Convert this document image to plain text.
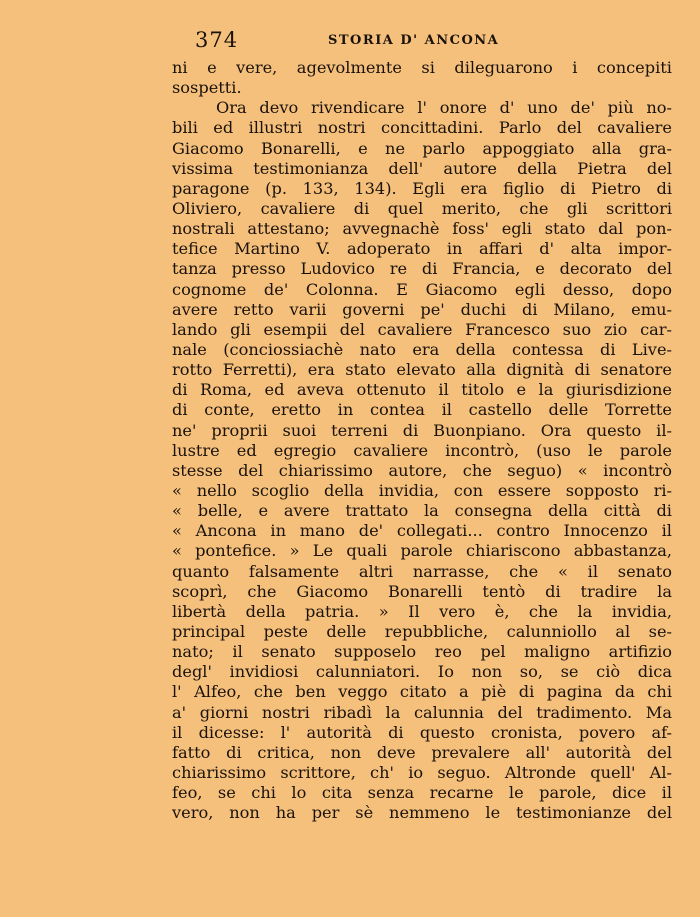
374	STORIA D' ANCONA
ni e vere, agevolmente si dileguarono i concepiti
sospetti.
Ora devo rivendicare l' onore d' uno de' più no-
bili ed illustri nostri concittadini. Parlo del cavaliere
Giacomo Bonarelli, e ne parlo appoggiato alla gra-
vissima testimonianza dell' autore della Pietra del
paragone (p. 133, 134). Egli era figlio di Pietro di
Oliviero, cavaliere di quel merito, che gli scrittori
nostrali attestano; avvegnachè foss' egli stato dal pon-
tefice Martino V. adoperato in affari d' alta impor-
tanza presso Ludovico re di Francia, e decorato del
cognome de' Colonna. E Giacomo egli desso, dopo
avere retto varii governi pe' duchi di Milano, emu-
lando gli esempii del cavaliere Francesco suo zio car-
nale (conciossiachè nato era della contessa di Live-
rotto Ferretti), era stato elevato alla dignità di senatore
di Roma, ed aveva ottenuto il titolo e la giurisdizione
di conte, eretto in contea il castello delle Torrette
ne' proprii suoi terreni di Buonpiano. Ora questo il-
lustre ed egregio cavaliere incontrò, (uso le parole
stesse del chiarissimo autore, che seguo) « incontrò
« nello scoglio della invidia, con essere sopposto ri-
« belle, e avere trattato la consegna della città di
« Ancona in mano de' collegati... contro Innocenzo il
« pontefice. » Le quali parole chiariscono abbastanza,
quanto falsamente altri narrasse, che « il senato
scoprì, che Giacomo Bonarelli tentò di tradire la
libertà della patria. » Il vero è, che la invidia,
principal peste delle repubbliche, calunniollo al se-
nato; il senato supposelo reo pel maligno artifizio
degl' invidiosi calunniatori. Io non so, se ciò dica
l' Alfeo, che ben veggo citato a piè di pagina da chi
a' giorni nostri ribadì la calunnia del tradimento. Ma
il dicesse: l' autorità di questo cronista, povero af-
fatto di critica, non deve prevalere all' autorità del
chiarissimo scrittore, ch' io seguo. Altronde quell' Al-
feo, se chi lo cita senza recarne le parole, dice il
vero, non ha per sè nemmeno le testimonianze del
